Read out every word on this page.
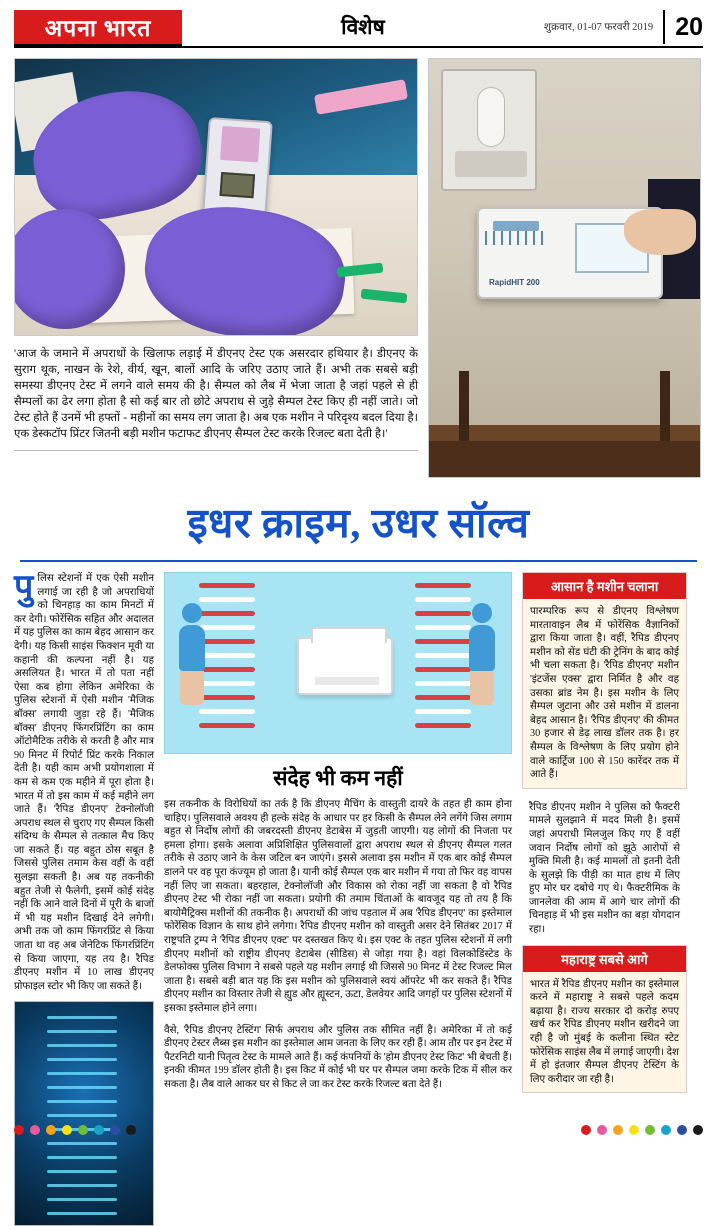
अपना भारत	विशेष	शुक्रवार, 01-07 फरवरी 2019 20
'आज के जमाने में अपराधों के खिलाफ लड़ाई में डीएनए टेस्ट एक असरदार हथियार है। डीएनए के सुराग थूक, नाखन के रेशे, वीर्य, खून, बालों आदि के जरिए उठाए जाते हैं। अभी तक सबसे बड़ी समस्या डीएनए टेस्ट में लगने वाले समय की है। सैम्पल को लैब में भेजा जाता है जहां पहले से ही सैम्पलों का ढेर लगा होता है सो कई बार तो छोटे अपराध से जुड़े सैम्पल टेस्ट किए ही नहीं जाते। जो टेस्ट होते हैं उनमें भी हफ्तों - महीनों का समय लग जाता है। अब एक मशीन ने परिदृश्य बदल दिया है। एक डेस्कटॉप प्रिंटर जितनी बड़ी मशीन फटाफट डीएनए सैम्पल टेस्ट करके रिजल्ट बता देती है।'
RapidHIT 200
इधर क्राइम, उधर सॉल्व
पु लिस स्टेशनों में एक ऐसी मशीन लगाई जा रही है जो अपराधियों को चिनहाड़ का काम मिनटों में कर देगी। फोरेंसिक सहित और अदालत में यह पुलिस का काम बेहद आसान कर देगी। यह किसी साइंस फिक्शन मूवी या कहानी की कल्पना नहीं है। यह असलियत है। भारत में तो पता नहीं ऐसा कब होगा लेकिन अमेरिका के पुलिस स्टेशनों में ऐसी मशीन 'मैजिक बॉक्स' लगायी जुड़ा रहे हैं। 'मैजिक बॉक्स' डीएनए फिंगरप्रिंटिंग का काम ऑटोमैटिक तरीके से करती है और मात्र 90 मिनट में रिपोर्ट प्रिंट करके निकाल देती है। यही काम अभी प्रयोगशाला में कम से कम एक महीने में पूरा होता है। भारत में तो इस काम में कई महीने लग जाते हैं। 'रैपिड डीएनए' टेक्नोलॉजी अपराध स्थल से चुराए गए सैम्पल किसी संदिग्ध के सैम्पल से तत्काल मैच किए जा सकते हैं। यह बहुत ठोस सबूत है जिससे पुलिस तमाम केस वहीं के वहीं सुलझा सकती है। अब यह तकनीकी बहुत तेजी से फैलेगी, इसमें कोई संदेह नहीं कि आने वाले दिनों में पूरी के बाजों में भी यह मशीन दिखाई देने लगेगी। अभी तक जो काम फिंगरप्रिंट से किया जाता था वह अब जेनेटिक फिंगरप्रिंटिंग से किया जाएगा, यह तय है। रैपिड डीएनए मशीन में 10 लाख डीएनए प्रोफाइल स्टोर भी किए जा सकते हैं।
संदेह भी कम नहीं
इस तकनीक के विरोधियों का तर्क है कि डीएनए मैचिंग के वास्तुती दायरे के तहत ही काम होना चाहिए। पुलिसवाले अवश्य ही हल्के संदेह के आधार पर हर किसी के सैम्पल लेने लगेंगे जिस लगाम बहुत से निर्दोष लोगों की जबरदस्ती डीएनए डेटाबेस में जुड़ती जाएगी। यह लोगों की निजता पर हमला होगा। इसके अलावा अप्रिशिक्षित पुलिसवालों द्वारा अपराध स्थल से डीएनए सैम्पल गलत तरीके से उठाए जाने के केस जटिल बन जाएंगे। इससे अलावा इस मशीन में एक बार कोई सैम्पल डालने पर वह पूरा कंज्यूम हो जाता है। यानी कोई सैम्पल एक बार मशीन में गया तो फिर वह वापस नहीं लिए जा सकता। बहरहाल, टेक्नोलॉजी और विकास को रोका नहीं जा सकता है वो रैपिड डीएनए टेस्ट भी रोका नहीं जा सकता। प्रयोगी की तमाम चिंताओं के बावजूद यह तो तय है कि बायोमैट्रिक्स मशीनों की तकनीक है। अपराधों की जांच पड़ताल में अब 'रैपिड डीएनए' का इस्तेमाल फोरेंसिक विज्ञान के साथ होने लगेगा। रैपिड डीएनए मशीन को वास्तुती असर देने सितंबर 2017 में राष्ट्रपति ट्रम्प ने 'रैपिड डीएनए एक्ट' पर दस्तखत किए थे। इस एक्ट के तहत पुलिस स्टेशनों में लगी डीएनए मशीनों को राष्ट्रीय डीएनए डेटाबेस (सीडिस) से जोड़ा गया है। वहां विलकोडिंस्टेड के डेलफोक्स पुलिस विभाग ने सबसे पहले यह मशीन लगाई थी जिससे 90 मिनट में टेस्ट रिजल्ट मिल जाता है। सबसे बड़ी बात यह कि इस मशीन को पुलिसवाले स्वयं ऑपरेट भी कर सकते हैं। रैपिड डीएनए मशीन का विस्तार तेजी से ह्युड और ह्यूस्टन, ऊटा, डेलवेयर आदि जगहों पर पुलिस स्टेशनों में इसका इस्तेमाल होने लगा।
वैसे, 'रैपिड डीएनए टेस्टिंग' सिर्फ अपराध और पुलिस तक सीमित नहीं है। अमेरिका में तो कई डीएनए टेस्टर लैब्स इस मशीन का इस्तेमाल आम जनता के लिए कर रही हैं। आम तौर पर इन टेस्ट में पैटरनिटी यानी पितृत्व टेस्ट के मामले आते हैं। कई कंपनियों के 'होम डीएनए टेस्ट किट' भी बेचती हैं। इनकी कीमत 199 डॉलर होती है। इस किट में कोई भी घर पर सैम्पल जमा करके टिक में सील कर सकता है। लैब वाले आकर घर से किट ले जा कर टेस्ट करके रिजल्ट बता देते हैं।
आसान है मशीन चलाना
पारम्परिक रूप से डीएनए विश्लेषण मारतावाइन लैब में फोरेंसिक वैज्ञानिकों द्वारा किया जाता है। वहीं, रैपिड डीएनए मशीन को सेंड घंटी की ट्रेनिंग के बाद कोई भी चला सकता है। 'रैपिड डीएनए' मशीन 'इंटजेंस एक्स' द्वारा निर्मित है और वह उसका ब्रांड नेम है। इस मशीन के लिए सैम्पल जुटाना और उसे मशीन में डालना बेहद आसान है। 'रैपिड डीएनए' की कीमत 30 हजार से डेढ़ लाख डॉलर तक है। हर सैम्पल के विश्लेषण के लिए प्रयोग होने वाले कार्ट्रिज 100 से 150 कारेंदर तक में आते हैं।
रैपिड डीएनए मशीन ने पुलिस को फैक्टरी मामले सुलझाने में मदद मिली है। इसमें जहां अपराधी मिलजुल किए गए हैं वहीं जवान निर्दोष लोगों को झूठे आरोपों से मुक्ति मिली है। कई मामलों तो इतनी देती के सुलझे कि पीड़ी का मात हाथ में लिए हुए मोर घर दबोचे गए थे। फैक्टरीमिक के जानलेवा की आम में आगे चार लोगों की चिनहाड़ में भी इस मशीन का बड़ा योगदान रहा।
महाराष्ट्र सबसे आगे
भारत में रैपिड डीएनए मशीन का इस्तेमाल करने में महाराष्ट्र ने सबसे पहले कदम बढ़ाया है। राज्य सरकार दो करोड़ रुपए खर्च कर रैपिड डीएनए मशीन खरीदने जा रही है जो मुंबई के कलीना स्थित स्टेट फोरेंसिक साइंस लैब में लगाई जाएगी। देश में हो इंतजार सैम्पल डीएनए टेस्टिंग के लिए करीदार जा रही है।
